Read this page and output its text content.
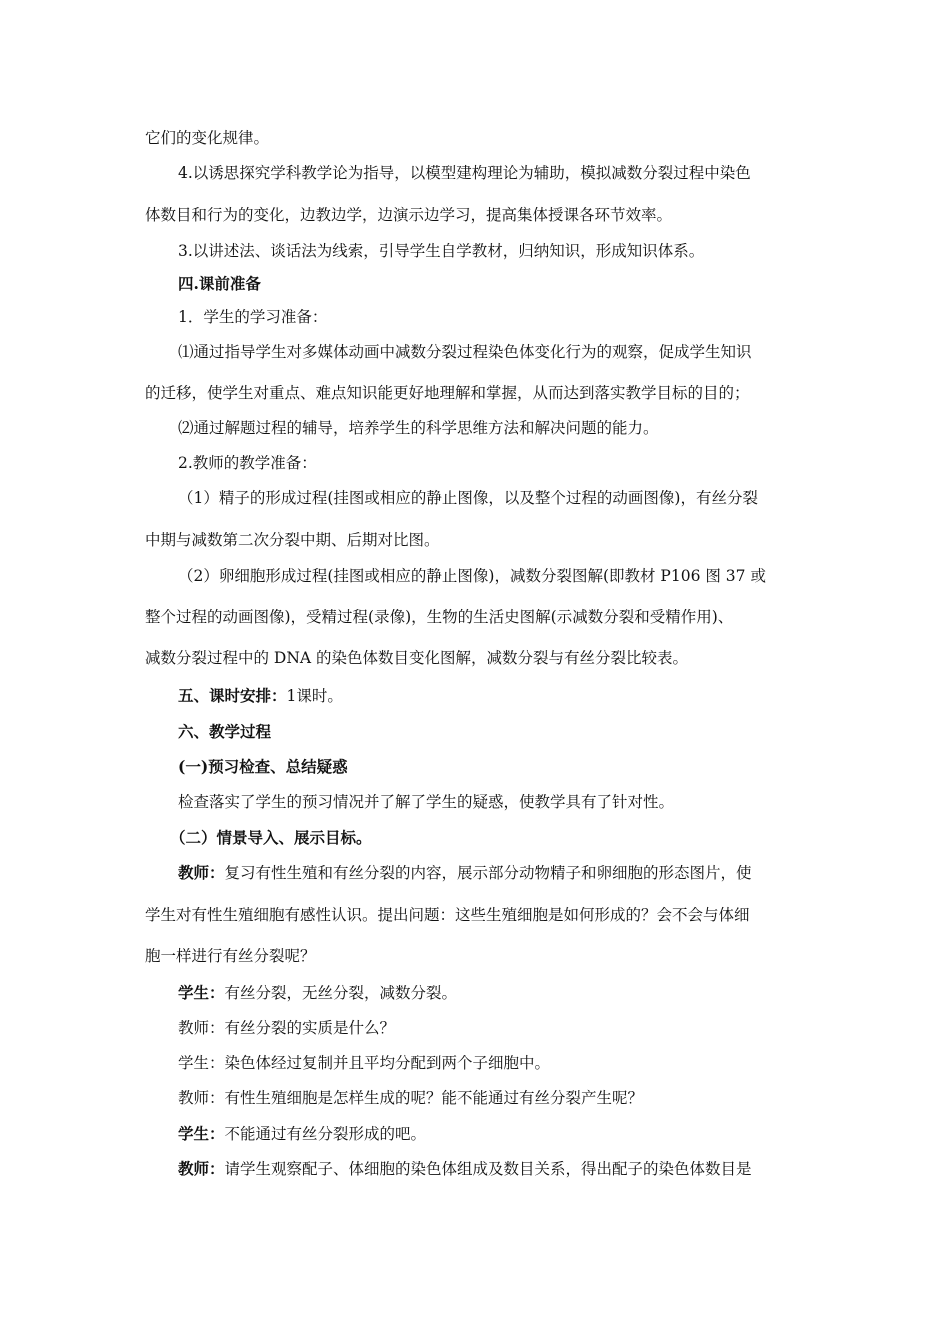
它们的变化规律。
4.以诱思探究学科教学论为指导，以模型建构理论为辅助，模拟减数分裂过程中染色
体数目和行为的变化，边教边学，边演示边学习，提高集体授课各环节效率。
3.以讲述法、谈话法为线索，引导学生自学教材，归纳知识，形成知识体系。
四.课前准备
1．学生的学习准备：
⑴通过指导学生对多媒体动画中减数分裂过程染色体变化行为的观察，促成学生知识
的迁移，使学生对重点、难点知识能更好地理解和掌握，从而达到落实教学目标的目的；
⑵通过解题过程的辅导，培养学生的科学思维方法和解决问题的能力。
2.教师的教学准备：
（1）精子的形成过程(挂图或相应的静止图像，以及整个过程的动画图像)，有丝分裂
中期与减数第二次分裂中期、后期对比图。
（2）卵细胞形成过程(挂图或相应的静止图像)，减数分裂图解(即教材 P106 图 37 或
整个过程的动画图像)，受精过程(录像)，生物的生活史图解(示减数分裂和受精作用)、
减数分裂过程中的 DNA 的染色体数目变化图解，减数分裂与有丝分裂比较表。
五、课时安排：1课时。
六、教学过程
(一)预习检查、总结疑惑
检查落实了学生的预习情况并了解了学生的疑惑，使教学具有了针对性。
（二）情景导入、展示目标。
教师：复习有性生殖和有丝分裂的内容，展示部分动物精子和卵细胞的形态图片，使
学生对有性生殖细胞有感性认识。提出问题：这些生殖细胞是如何形成的？会不会与体细
胞一样进行有丝分裂呢？
学生：有丝分裂，无丝分裂，减数分裂。
教师：有丝分裂的实质是什么？
学生：染色体经过复制并且平均分配到两个子细胞中。
教师：有性生殖细胞是怎样生成的呢？能不能通过有丝分裂产生呢？
学生：不能通过有丝分裂形成的吧。
教师：请学生观察配子、体细胞的染色体组成及数目关系，得出配子的染色体数目是
